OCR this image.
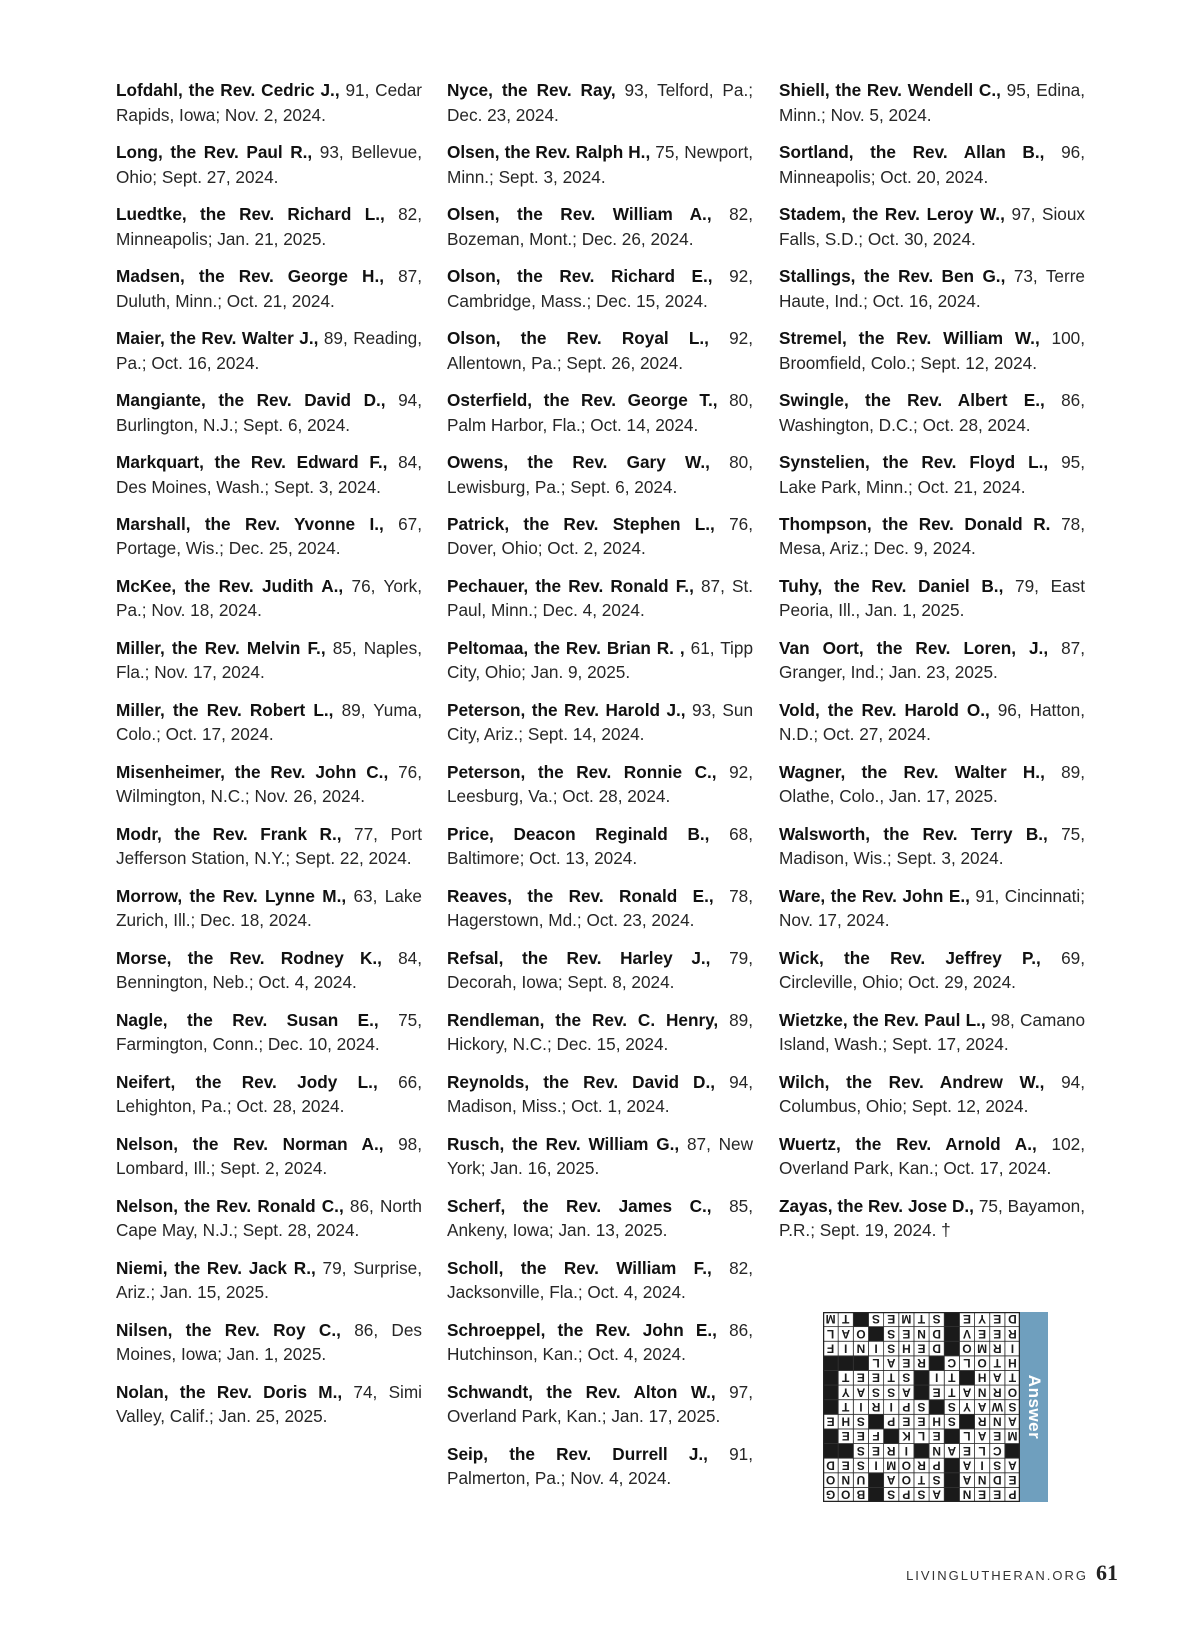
Lofdahl, the Rev. Cedric J., 91, Cedar Rapids, Iowa; Nov. 2, 2024.

Long, the Rev. Paul R., 93, Bellevue, Ohio; Sept. 27, 2024.

Luedtke, the Rev. Richard L., 82, Minneapolis; Jan. 21, 2025.

Madsen, the Rev. George H., 87, Duluth, Minn.; Oct. 21, 2024.

Maier, the Rev. Walter J., 89, Reading, Pa.; Oct. 16, 2024.

Mangiante, the Rev. David D., 94, Burlington, N.J.; Sept. 6, 2024.

Markquart, the Rev. Edward F., 84, Des Moines, Wash.; Sept. 3, 2024.

Marshall, the Rev. Yvonne I., 67, Portage, Wis.; Dec. 25, 2024.

McKee, the Rev. Judith A., 76, York, Pa.; Nov. 18, 2024.

Miller, the Rev. Melvin F., 85, Naples, Fla.; Nov. 17, 2024.

Miller, the Rev. Robert L., 89, Yuma, Colo.; Oct. 17, 2024.

Misenheimer, the Rev. John C., 76, Wilmington, N.C.; Nov. 26, 2024.

Modr, the Rev. Frank R., 77, Port Jefferson Station, N.Y.; Sept. 22, 2024.

Morrow, the Rev. Lynne M., 63, Lake Zurich, Ill.; Dec. 18, 2024.

Morse, the Rev. Rodney K., 84, Bennington, Neb.; Oct. 4, 2024.

Nagle, the Rev. Susan E., 75, Farmington, Conn.; Dec. 10, 2024.

Neifert, the Rev. Jody L., 66, Lehighton, Pa.; Oct. 28, 2024.

Nelson, the Rev. Norman A., 98, Lombard, Ill.; Sept. 2, 2024.

Nelson, the Rev. Ronald C., 86, North Cape May, N.J.; Sept. 28, 2024.

Niemi, the Rev. Jack R., 79, Surprise, Ariz.; Jan. 15, 2025.

Nilsen, the Rev. Roy C., 86, Des Moines, Iowa; Jan. 1, 2025.

Nolan, the Rev. Doris M., 74, Simi Valley, Calif.; Jan. 25, 2025.

Nyce, the Rev. Ray, 93, Telford, Pa.; Dec. 23, 2024.

Olsen, the Rev. Ralph H., 75, Newport, Minn.; Sept. 3, 2024.

Olsen, the Rev. William A., 82, Bozeman, Mont.; Dec. 26, 2024.

Olson, the Rev. Richard E., 92, Cambridge, Mass.; Dec. 15, 2024.

Olson, the Rev. Royal L., 92, Allentown, Pa.; Sept. 26, 2024.

Osterfield, the Rev. George T., 80, Palm Harbor, Fla.; Oct. 14, 2024.

Owens, the Rev. Gary W., 80, Lewisburg, Pa.; Sept. 6, 2024.

Patrick, the Rev. Stephen L., 76, Dover, Ohio; Oct. 2, 2024.

Pechauer, the Rev. Ronald F., 87, St. Paul, Minn.; Dec. 4, 2024.

Peltomaa, the Rev. Brian R. , 61, Tipp City, Ohio; Jan. 9, 2025.

Peterson, the Rev. Harold J., 93, Sun City, Ariz.; Sept. 14, 2024.

Peterson, the Rev. Ronnie C., 92, Leesburg, Va.; Oct. 28, 2024.

Price, Deacon Reginald B., 68, Baltimore; Oct. 13, 2024.

Reaves, the Rev. Ronald E., 78, Hagerstown, Md.; Oct. 23, 2024.

Refsal, the Rev. Harley J., 79, Decorah, Iowa; Sept. 8, 2024.

Rendleman, the Rev. C. Henry, 89, Hickory, N.C.; Dec. 15, 2024.

Reynolds, the Rev. David D., 94, Madison, Miss.; Oct. 1, 2024.

Rusch, the Rev. William G., 87, New York; Jan. 16, 2025.

Scherf, the Rev. James C., 85, Ankeny, Iowa; Jan. 13, 2025.

Scholl, the Rev. William F., 82, Jacksonville, Fla.; Oct. 4, 2024.

Schroeppel, the Rev. John E., 86, Hutchinson, Kan.; Oct. 4, 2024.

Schwandt, the Rev. Alton W., 97, Overland Park, Kan.; Jan. 17, 2025.

Seip, the Rev. Durrell J., 91, Palmerton, Pa.; Nov. 4, 2024.

Shiell, the Rev. Wendell C., 95, Edina, Minn.; Nov. 5, 2024.

Sortland, the Rev. Allan B., 96, Minneapolis; Oct. 20, 2024.

Stadem, the Rev. Leroy W., 97, Sioux Falls, S.D.; Oct. 30, 2024.

Stallings, the Rev. Ben G., 73, Terre Haute, Ind.; Oct. 16, 2024.

Stremel, the Rev. William W., 100, Broomfield, Colo.; Sept. 12, 2024.

Swingle, the Rev. Albert E., 86, Washington, D.C.; Oct. 28, 2024.

Synstelien, the Rev. Floyd L., 95, Lake Park, Minn.; Oct. 21, 2024.

Thompson, the Rev. Donald R. 78, Mesa, Ariz.; Dec. 9, 2024.

Tuhy, the Rev. Daniel B., 79, East Peoria, Ill., Jan. 1, 2025.

Van Oort, the Rev. Loren, J., 87, Granger, Ind.; Jan. 23, 2025.

Vold, the Rev. Harold O., 96, Hatton, N.D.; Oct. 27, 2024.

Wagner, the Rev. Walter H., 89, Olathe, Colo., Jan. 17, 2025.

Walsworth, the Rev. Terry B., 75, Madison, Wis.; Sept. 3, 2024.

Ware, the Rev. John E., 91, Cincinnati; Nov. 17, 2024.

Wick, the Rev. Jeffrey P., 69, Circleville, Ohio; Oct. 29, 2024.

Wietzke, the Rev. Paul L., 98, Camano Island, Wash.; Sept. 17, 2024.

Wilch, the Rev. Andrew W., 94, Columbus, Ohio; Sept. 12, 2024.

Wuertz, the Rev. Arnold A., 102, Overland Park, Kan.; Oct. 17, 2024.

Zayas, the Rev. Jose D., 75, Bayamon, P.R.; Sept. 19, 2024. †

P
E
E
N
A
S
P
S
B
O
G
E
D
N
A
S
T
O
A
U
N
O
A
S
I
A
P
R
O
M
I
S
E
D
C
L
E
A
N
I
R
E
S
M
E
A
L
E
L
K
F
E
E
A
N
R
S
H
E
E
P
S
H
E
S
W
A
Y
S
S
P
I
R
I
T
O
R
N
A
T
E
A
S
S
A
Y
T
A
H
T
I
S
T
E
E
T
H
T
O
L
C
R
E
A
L
I
R
M
O
D
E
H
S
I
N
I
F
R
E
E
V
D
N
E
S
O
A
L
D
E
Y
E
S
T
M
E
S
T
M
Answer
LIVINGLUTHERAN.ORG 61
